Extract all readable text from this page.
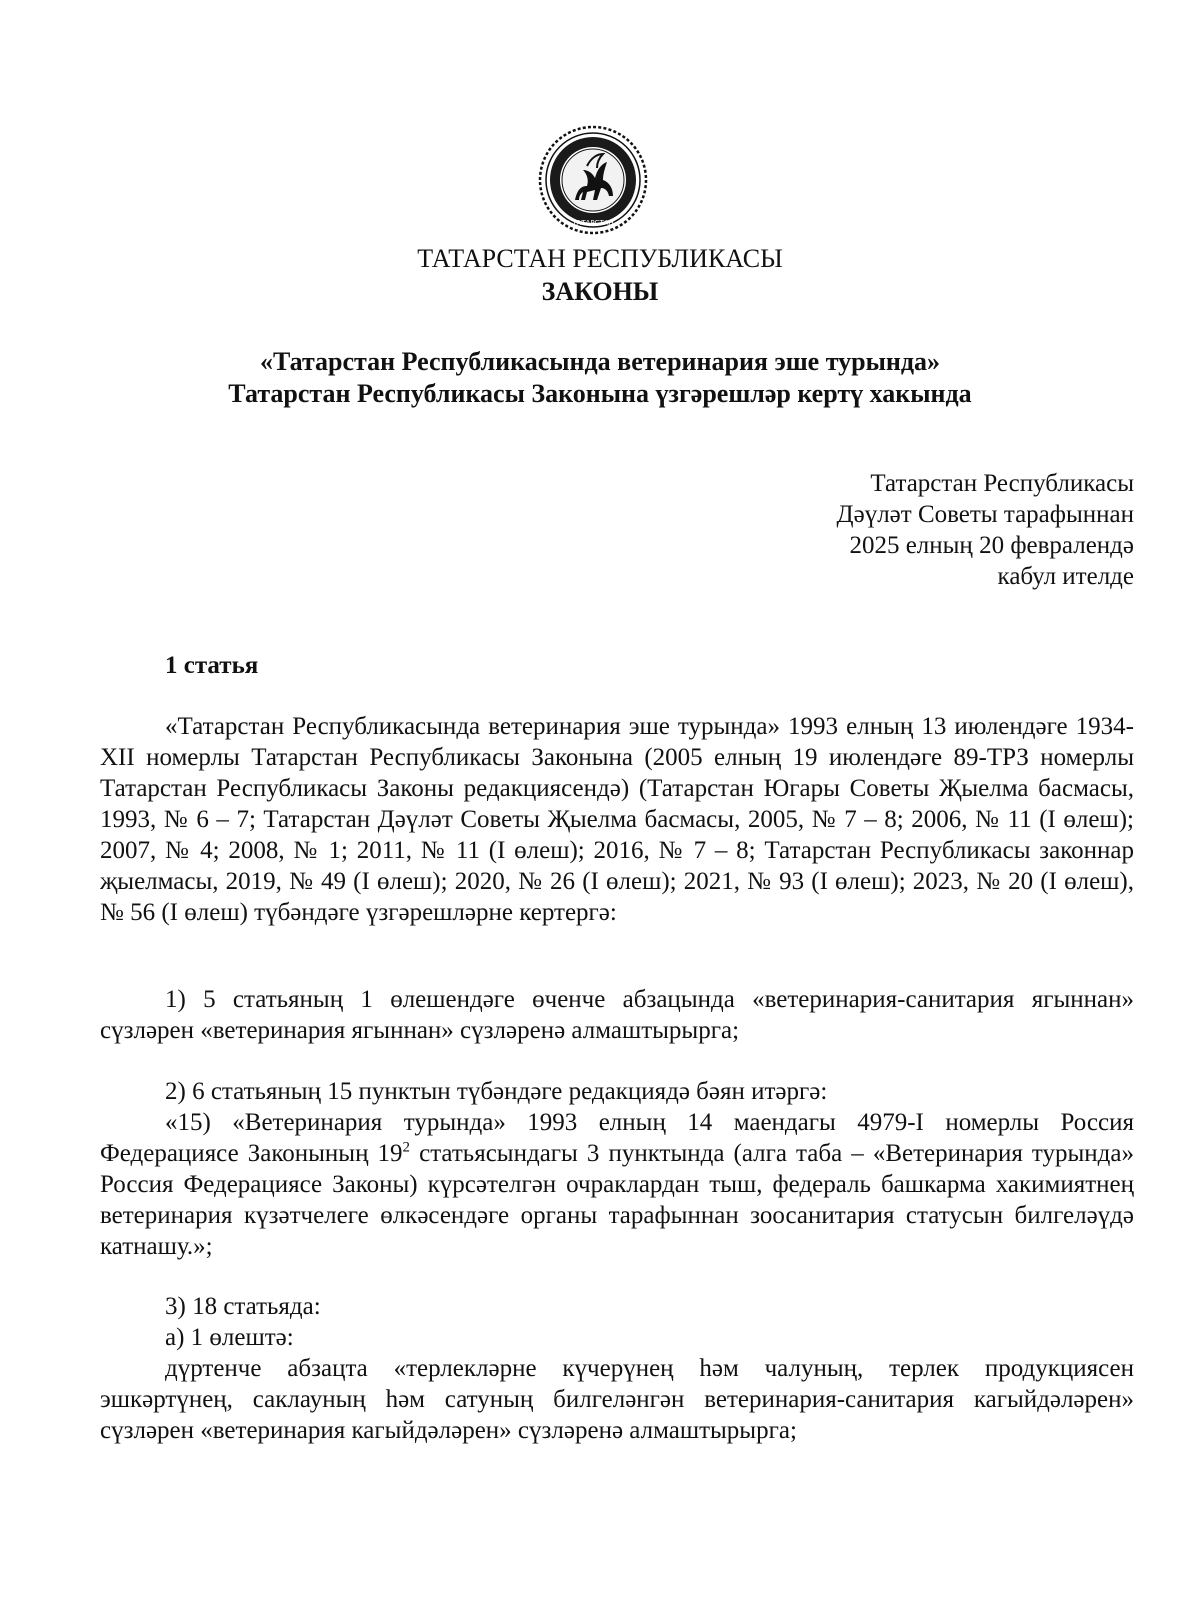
ТАТАРСТАН
ТАТАРСТАН РЕСПУБЛИКАСЫ
ЗАКОНЫ
«Татарстан Республикасында ветеринария эше турында»
Татарстан Республикасы Законына үзгәрешләр кертү хакында
Татарстан Республикасы
Дәүләт Советы тарафыннан
2025 елның 20 февралендә
кабул ителде
1 статья
«Татарстан Республикасында ветеринария эше турында» 1993 елның 13 июлендәге 1934-XII номерлы Татарстан Республикасы Законына (2005 елның 19 июлендәге 89-ТРЗ номерлы Татарстан Республикасы Законы редакциясендә) (Татарстан Югары Советы Җыелма басмасы, 1993, № 6 – 7; Татарстан Дәүләт Советы Җыелма басмасы, 2005, № 7 – 8; 2006, № 11 (I өлеш); 2007, № 4; 2008, № 1; 2011, № 11 (I өлеш); 2016, № 7 – 8; Татарстан Республикасы законнар җыелмасы, 2019, № 49 (I өлеш); 2020, № 26 (I өлеш); 2021, № 93 (I өлеш); 2023, № 20 (I өлеш), № 56 (I өлеш) түбәндәге үзгәрешләрне кертергә:
1) 5 статьяның 1 өлешендәге өченче абзацында «ветеринария-санитария ягыннан» сүзләрен «ветеринария ягыннан» сүзләренә алмаштырырга;
2) 6 статьяның 15 пунктын түбәндәге редакциядә бәян итәргә:
«15) «Ветеринария турында» 1993 елның 14 маендагы 4979-I номерлы Россия Федерациясе Законының $19^2$ статьясындагы 3 пунктында (алга таба – «Ветеринария турында» Россия Федерациясе Законы) күрсәтелгән очраклардан тыш, федераль башкарма хакимиятнең ветеринария күзәтчелеге өлкәсендәге органы тарафыннан зоосанитария статусын билгеләүдә катнашу.»;
3) 18 статьяда:
а) 1 өлештә:
дүртенче абзацта «терлекләрне күчерүнең һәм чалуның, терлек продукциясен эшкәртүнең, саклауның һәм сатуның билгеләнгән ветеринария-санитария кагыйдәләрен» сүзләрен «ветеринария кагыйдәләрен» сүзләренә алмаштырырга;
